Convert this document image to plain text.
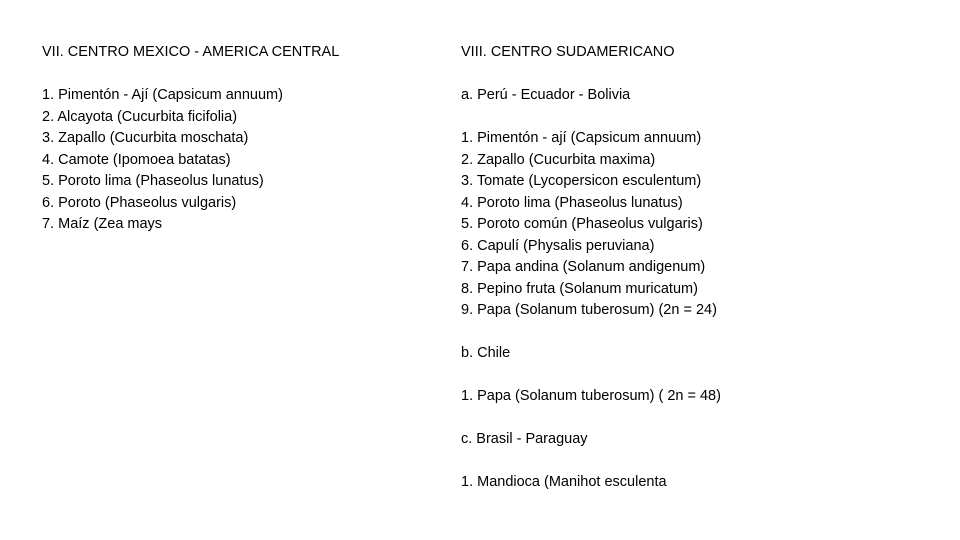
VII. CENTRO MEXICO - AMERICA CENTRAL
1. Pimentón - Ají (Capsicum annuum)
2. Alcayota (Cucurbita ficifolia)
3. Zapallo (Cucurbita moschata)
4. Camote (Ipomoea batatas)
5. Poroto lima (Phaseolus lunatus)
6. Poroto (Phaseolus vulgaris)
7. Maíz (Zea mays
VIII. CENTRO SUDAMERICANO

a. Perú - Ecuador - Bolivia

1. Pimentón - ají (Capsicum annuum)
2. Zapallo (Cucurbita maxima)
3. Tomate (Lycopersicon esculentum)
4. Poroto lima (Phaseolus lunatus)
5. Poroto común (Phaseolus vulgaris)
6. Capulí (Physalis peruviana)
7. Papa andina (Solanum andigenum)
8. Pepino fruta (Solanum muricatum)
9. Papa (Solanum tuberosum) (2n = 24)

b. Chile

1. Papa (Solanum tuberosum) ( 2n = 48)

c. Brasil - Paraguay

1. Mandioca (Manihot esculenta
